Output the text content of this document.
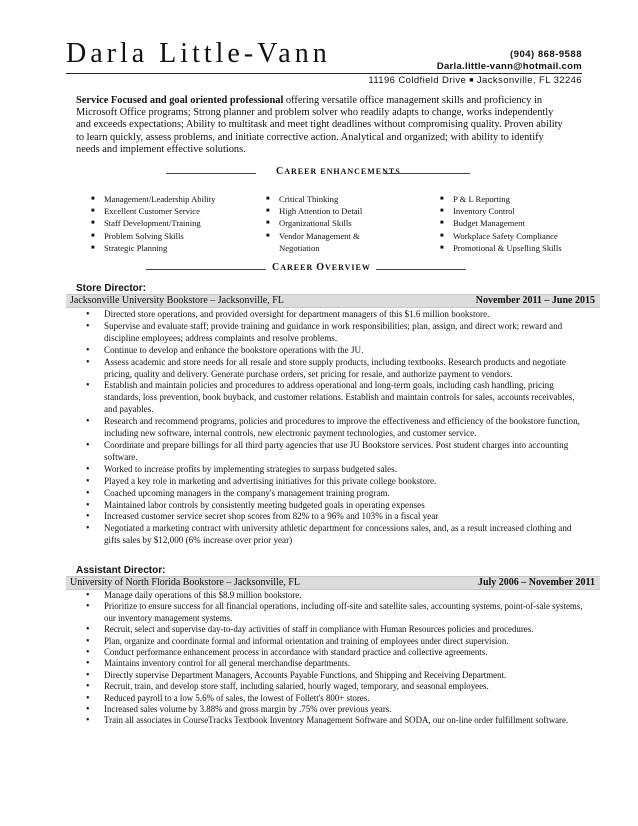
Darla Little-Vann	(904) 868-9588
Darla.little-vann@hotmail.com
11196 Coldfield Drive ■ Jacksonville, FL 32246
Service Focused and goal oriented professional offering versatile office management skills and proficiency in Microsoft Office programs; Strong planner and problem solver who readily adapts to change, works independently and exceeds expectations; Ability to multitask and meet tight deadlines without compromising quality. Proven ability to learn quickly, assess problems, and initiate corrective action. Analytical and organized; with ability to identify needs and implement effective solutions.
CAREER ENHANCEMENTS
■ Management/Leadership Ability
■ Excellent Customer Service
■ Staff Development/Training
■ Problem Solving Skills
■ Strategic Planning
■ Critical Thinking
■ High Attention to Detail
■ Organizational Skills
■ Vendor Management &
Negotiation
■ P & L Reporting
■ Inventory Control
■ Budget Management
■ Workplace Safety Compliance
■ Promotional & Upselling Skills
CAREER OVERVIEW
Store Director:
Jacksonville University Bookstore – Jacksonville, FL	November 2011 – June 2015
• Directed store operations, and provided oversight for department managers of this $1.6 million bookstore.
• Supervise and evaluate staff; provide training and guidance in work responsibilities; plan, assign, and direct work; reward and discipline employees; address complaints and resolve problems.
• Continue to develop and enhance the bookstore operations with the JU.
• Assess academic and store needs for all resale and store supply products, including textbooks. Research products and negotiate pricing, quality and delivery. Generate purchase orders, set pricing for resale, and authorize payment to vendors.
• Establish and maintain policies and procedures to address operational and long-term goals, including cash handling, pricing standards, loss prevention, book buyback, and customer relations. Establish and maintain controls for sales, accounts receivables, and payables.
• Research and recommend programs, policies and procedures to improve the effectiveness and efficiency of the bookstore function, including new software, internal controls, new electronic payment technologies, and customer service.
• Coordinate and prepare billings for all third party agencies that use JU Bookstore services. Post student charges into accounting software.
• Worked to increase profits by implementing strategies to surpass budgeted sales.
• Played a key role in marketing and advertising initiatives for this private college bookstore.
• Coached upcoming managers in the company's management training program.
• Maintained labor controls by consistently meeting budgeted goals in operating expenses
• Increased customer service secret shop scores from 82% to a 96% and 103% in a fiscal year
• Negotiated a marketing contract with university athletic department for concessions sales, and, as a result increased clothing and gifts sales by $12,000 (6% increase over prior year)
Assistant Director:
University of North Florida Bookstore – Jacksonville, FL	July 2006 – November 2011
• Manage daily operations of this $8.9 million bookstore.
• Prioritize to ensure success for all financial operations, including off-site and satellite sales, accounting systems, point-of-sale systems, our inventory management systems.
• Recruit, select and supervise day-to-day activities of staff in compliance with Human Resources policies and procedures.
• Plan, organize and coordinate formal and informal orientation and training of employees under direct supervision.
• Conduct performance enhancement process in accordance with standard practice and collective agreements.
• Maintains inventory control for all general merchandise departments.
• Directly supervise Department Managers, Accounts Payable Functions, and Shipping and Receiving Department.
• Recruit, train, and develop store staff, including salaried, hourly waged, temporary, and seasonal employees.
• Reduced payroll to a low 5.6% of sales, the lowest of Follett's 800+ stores.
• Increased sales volume by 3.88% and gross margin by .75% over previous years.
• Train all associates in CourseTracks Textbook Inventory Management Software and SODA, our on-line order fulfillment software.
